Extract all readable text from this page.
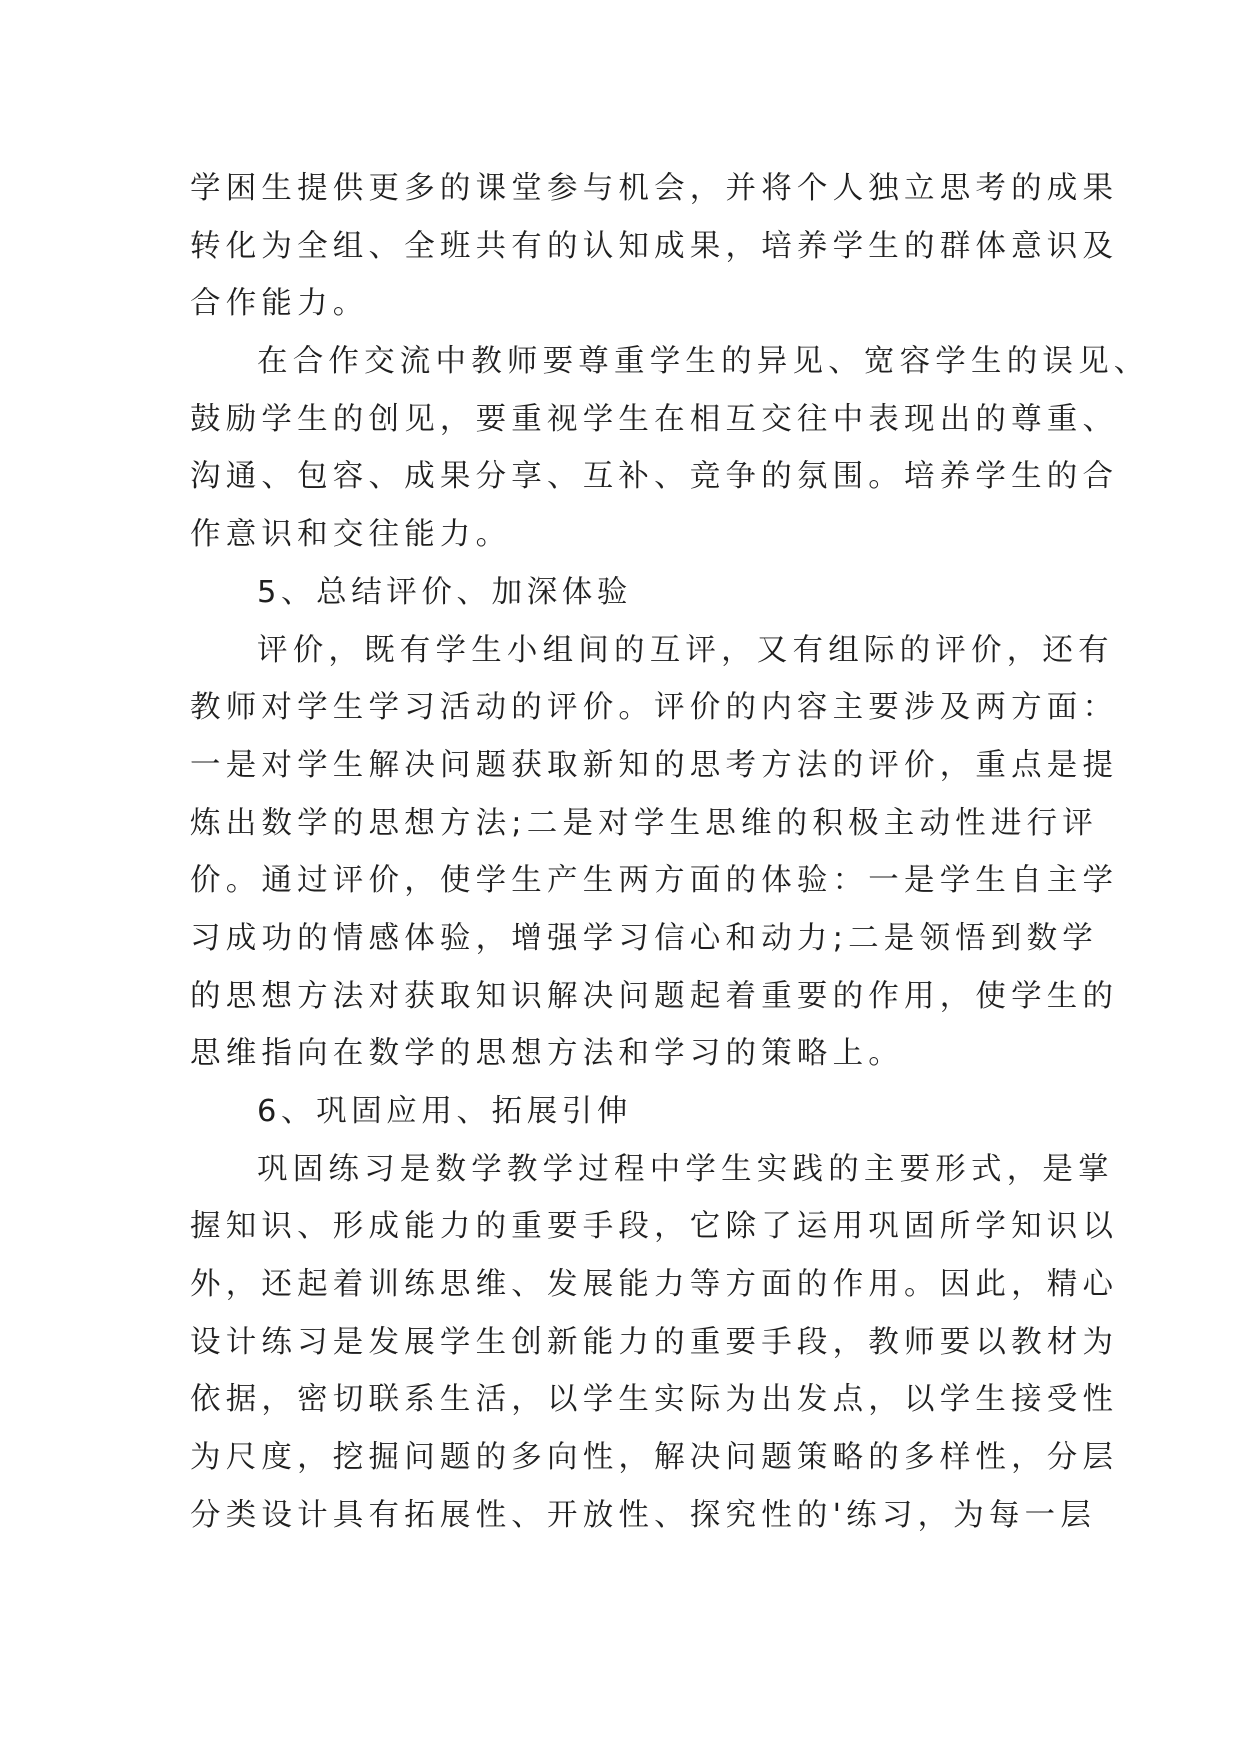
学困生提供更多的课堂参与机会，并将个人独立思考的成果
转化为全组、全班共有的认知成果，培养学生的群体意识及
合作能力。
在合作交流中教师要尊重学生的异见、宽容学生的误见、
鼓励学生的创见，要重视学生在相互交往中表现出的尊重、
沟通、包容、成果分享、互补、竞争的氛围。培养学生的合
作意识和交往能力。
5、总结评价、加深体验
评价，既有学生小组间的互评，又有组际的评价，还有
教师对学生学习活动的评价。评价的内容主要涉及两方面：
一是对学生解决问题获取新知的思考方法的评价，重点是提
炼出数学的思想方法;二是对学生思维的积极主动性进行评
价。通过评价，使学生产生两方面的体验：一是学生自主学
习成功的情感体验，增强学习信心和动力;二是领悟到数学
的思想方法对获取知识解决问题起着重要的作用，使学生的
思维指向在数学的思想方法和学习的策略上。
6、巩固应用、拓展引伸
巩固练习是数学教学过程中学生实践的主要形式，是掌
握知识、形成能力的重要手段，它除了运用巩固所学知识以
外，还起着训练思维、发展能力等方面的作用。因此，精心
设计练习是发展学生创新能力的重要手段，教师要以教材为
依据，密切联系生活，以学生实际为出发点，以学生接受性
为尺度，挖掘问题的多向性，解决问题策略的多样性，分层
分类设计具有拓展性、开放性、探究性的'练习，为每一层
